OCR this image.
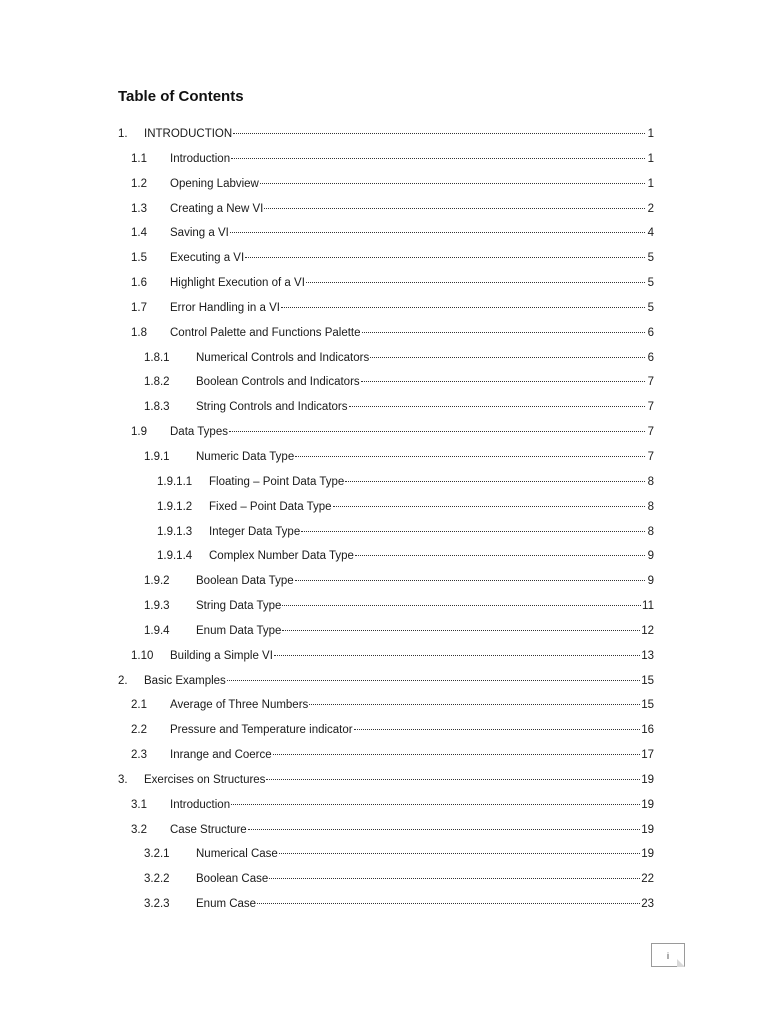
Table of Contents
1.	INTRODUCTION	1
1.1	Introduction	1
1.2	Opening Labview	1
1.3	Creating a New VI	2
1.4	Saving a VI	4
1.5	Executing a VI	5
1.6	Highlight Execution of a VI	5
1.7	Error Handling in a VI	5
1.8	Control Palette and Functions Palette	6
1.8.1	Numerical Controls and Indicators	6
1.8.2	Boolean Controls and Indicators	7
1.8.3	String Controls and Indicators	7
1.9	Data Types	7
1.9.1	Numeric Data Type	7
1.9.1.1	Floating – Point Data Type	8
1.9.1.2	Fixed – Point Data Type	8
1.9.1.3	Integer Data Type	8
1.9.1.4	Complex Number Data Type	9
1.9.2	Boolean Data Type	9
1.9.3	String Data Type	11
1.9.4	Enum Data Type	12
1.10	Building a Simple VI	13
2.	Basic Examples	15
2.1	Average of Three Numbers	15
2.2	Pressure and Temperature indicator	16
2.3	Inrange and Coerce	17
3.	Exercises on Structures	19
3.1	Introduction	19
3.2	Case Structure	19
3.2.1	Numerical Case	19
3.2.2	Boolean Case	22
3.2.3	Enum Case	23
i
